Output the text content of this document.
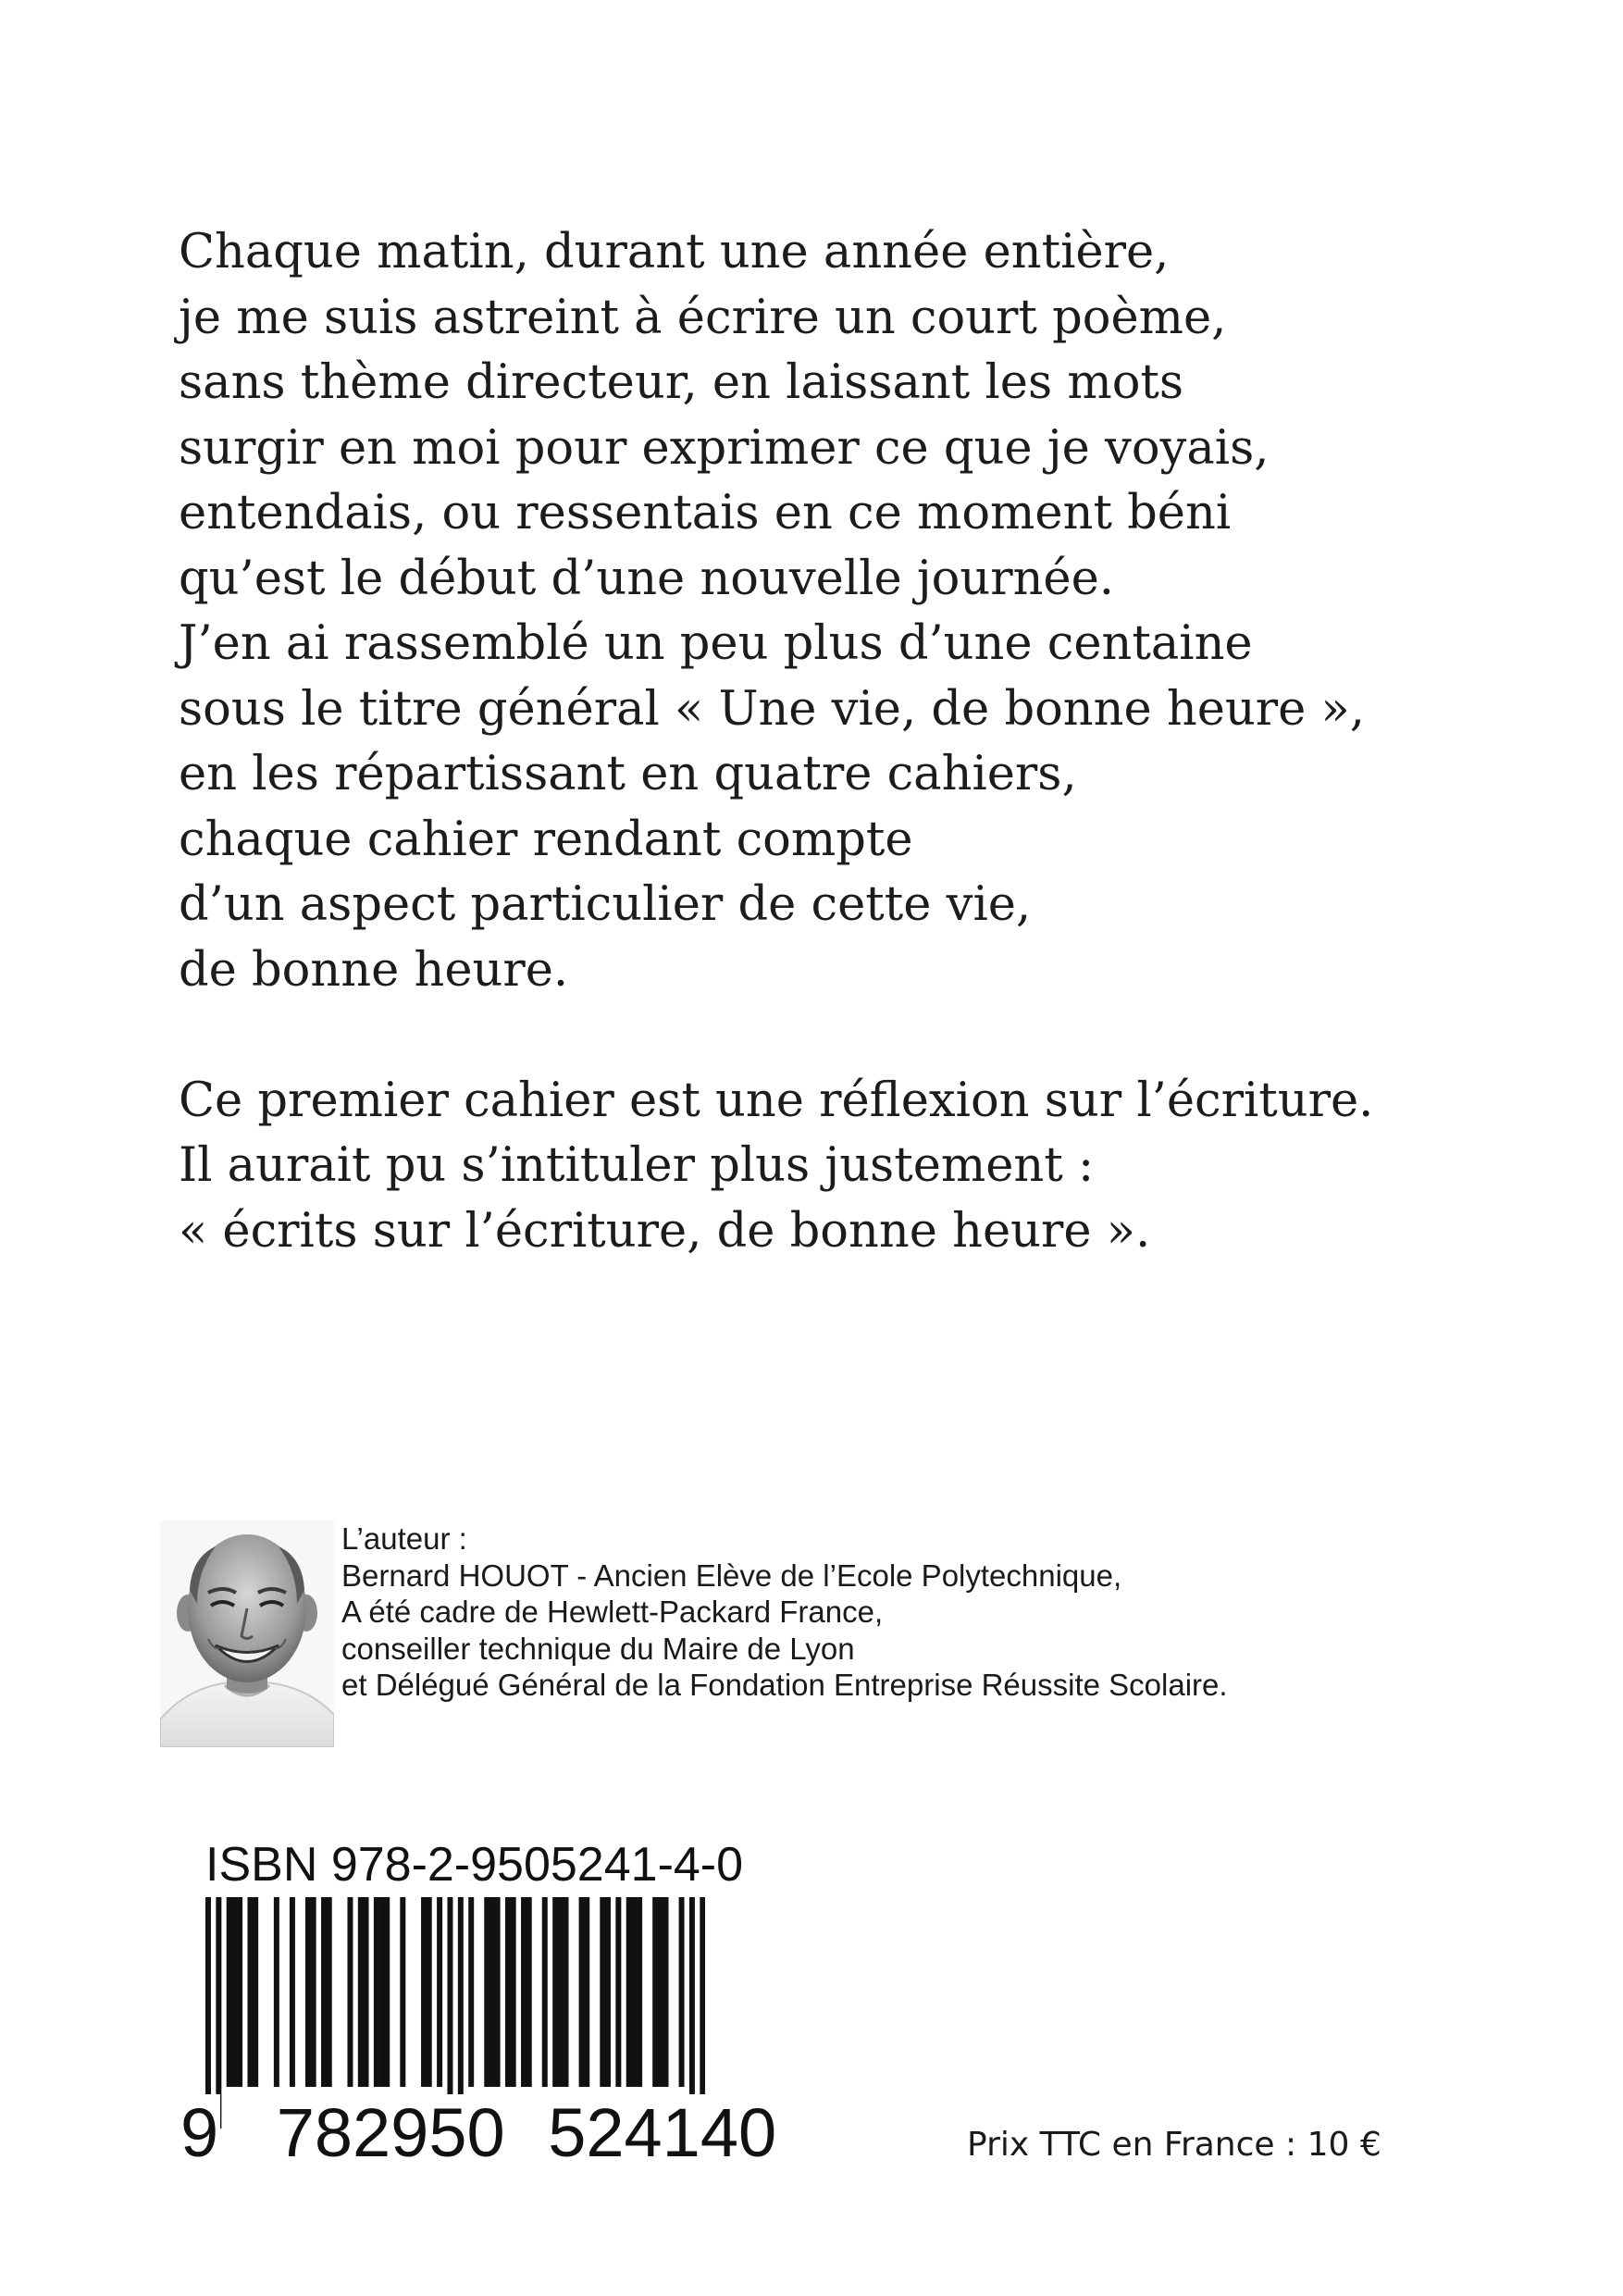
Chaque matin, durant une année entière,
je me suis astreint à écrire un court poème,
sans thème directeur, en laissant les mots
surgir en moi pour exprimer ce que je voyais,
entendais, ou ressentais en ce moment béni
qu’est le début d’une nouvelle journée.
J’en ai rassemblé un peu plus d’une centaine
sous le titre général « Une vie, de bonne heure »,
en les répartissant en quatre cahiers,
chaque cahier rendant compte
d’un aspect particulier de cette vie,
de bonne heure.
Ce premier cahier est une réflexion sur l’écriture.
Il aurait pu s’intituler plus justement :
« écrits sur l’écriture, de bonne heure ».
L’auteur :
Bernard HOUOT - Ancien Elève de l’Ecole Polytechnique,
A été cadre de Hewlett-Packard France,
conseiller technique du Maire de Lyon
et Délégué Général de la Fondation Entreprise Réussite Scolaire.
ISBN 978-2-9505241-4-0
9 782950 524140	Prix TTC en France : 10 €
